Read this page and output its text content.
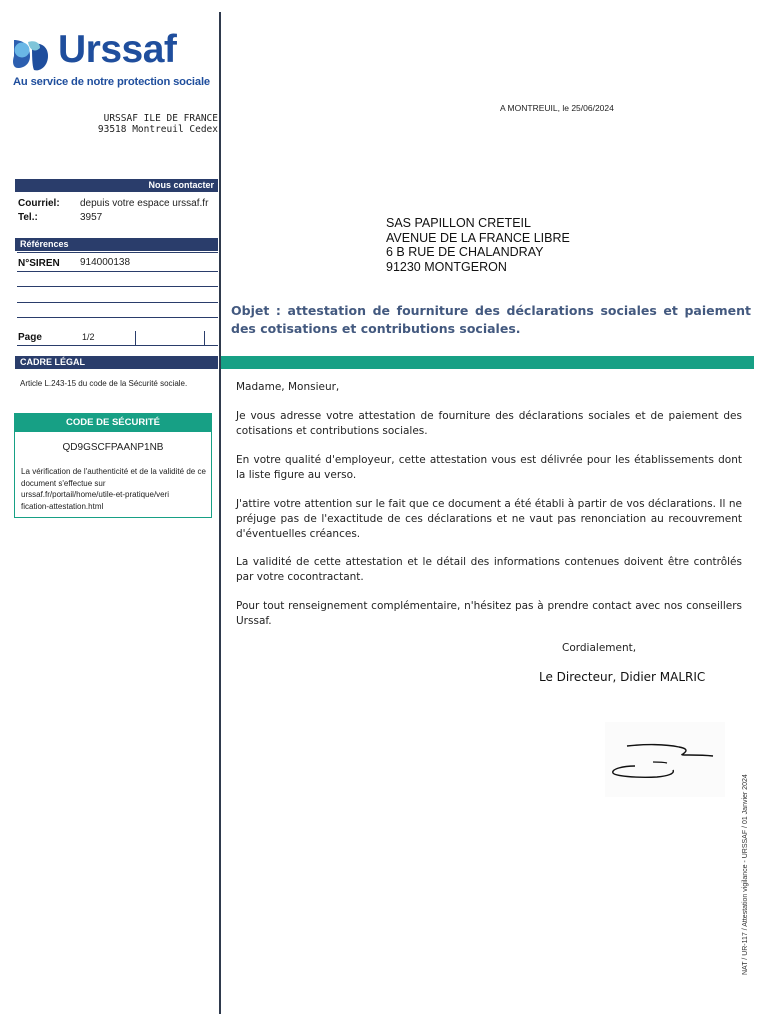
Urssaf
Au service de notre protection sociale
URSSAF ILE DE FRANCE
93518 Montreuil Cedex
A MONTREUIL, le 25/06/2024
Nous contacter
Courriel: depuis votre espace urssaf.fr
Tel.:	3957
Références
N°SIREN 914000138
Page	1/2
CADRE LÉGAL
Article L.243-15 du code de la Sécurité sociale.
CODE DE SÉCURITÉ
QD9GSCFPAANP1NB
La vérification de l'authenticité et de la validité de ce document s'effectue sur
urssaf.fr/portail/home/utile-et-pratique/veri
fication-attestation.html
SAS PAPILLON CRETEIL
AVENUE DE LA FRANCE LIBRE
6 B RUE DE CHALANDRAY
91230 MONTGERON
Objet : attestation de fourniture des déclarations sociales et paiement des cotisations et contributions sociales.
Madame, Monsieur,
Je vous adresse votre attestation de fourniture des déclarations sociales et de paiement des cotisations et contributions sociales.
En votre qualité d'employeur, cette attestation vous est délivrée pour les établissements dont la liste figure au verso.
J'attire votre attention sur le fait que ce document a été établi à partir de vos déclarations. Il ne préjuge pas de l'exactitude de ces déclarations et ne vaut pas renonciation au recouvrement d'éventuelles créances.
La validité de cette attestation et le détail des informations contenues doivent être contrôlés par votre cocontractant.
Pour tout renseignement complémentaire, n'hésitez pas à prendre contact avec nos conseillers Urssaf.
Cordialement,
Le Directeur, Didier MALRIC
NAT / UR-117 / Attestation vigilance - URSSAF / 01 Janvier 2024
